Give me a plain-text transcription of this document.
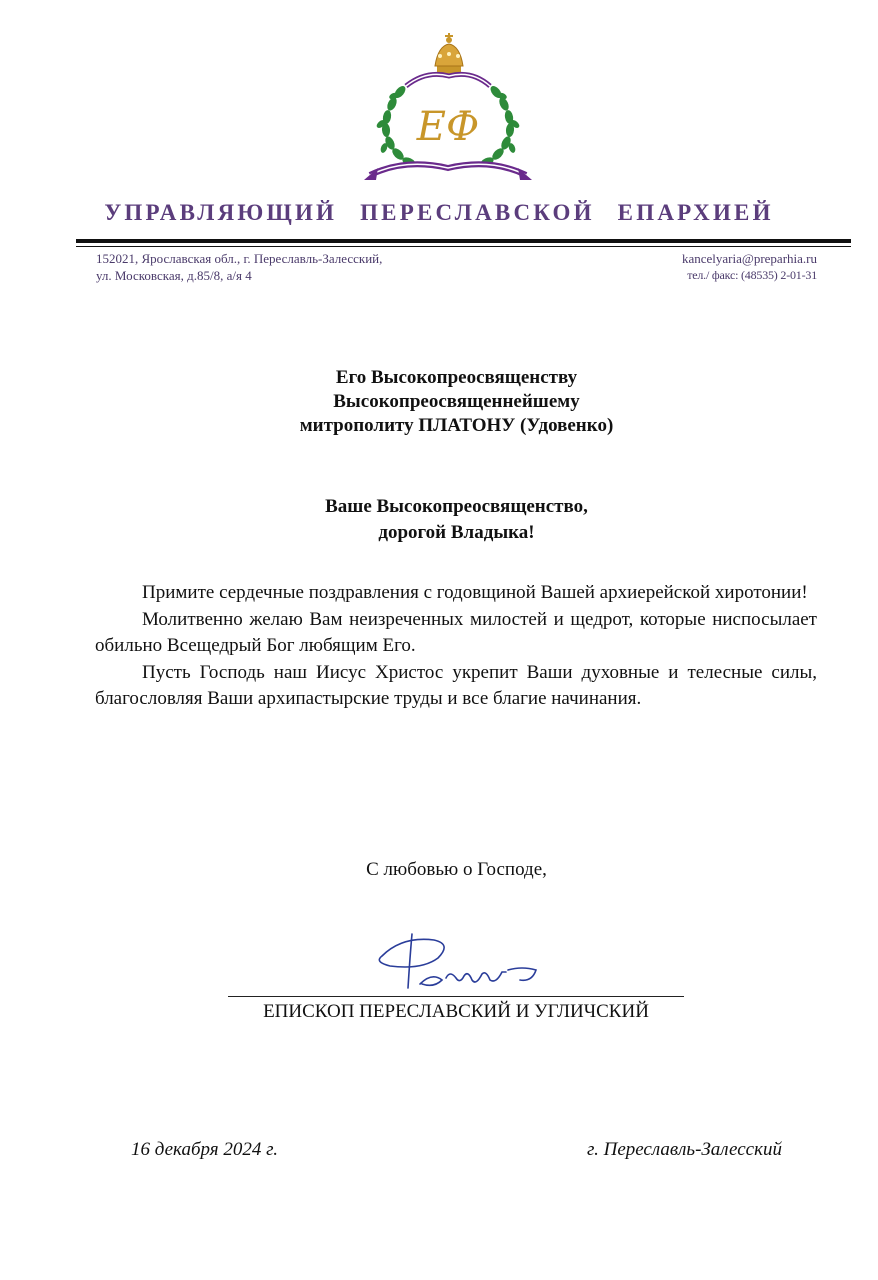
ЕФ
УПРАВЛЯЮЩИЙ ПЕРЕСЛАВСКОЙ ЕПАРХИЕЙ
152021, Ярославская обл., г. Переславль-Залесский,
ул. Московская, д.85/8, а/я 4
kancelyaria@preparhia.ru
тел./ факс: (48535) 2-01-31
Его Высокопреосвященству
Высокопреосвященнейшему
митрополиту ПЛАТОНУ (Удовенко)
Ваше Высокопреосвященство,
дорогой Владыка!

Примите сердечные поздравления с годовщиной Вашей архиерейской хиротонии!

Молитвенно желаю Вам неизреченных милостей и щедрот, которые ниспосылает обильно Всещедрый Бог любящим Его.

Пусть Господь наш Иисус Христос укрепит Ваши духовные и телесные силы, благословляя Ваши архипастырские труды и все благие начинания.

С любовью о Господе,
ЕПИСКОП ПЕРЕСЛАВСКИЙ И УГЛИЧСКИЙ
16 декабря 2024 г.	г. Переславль-Залесский
